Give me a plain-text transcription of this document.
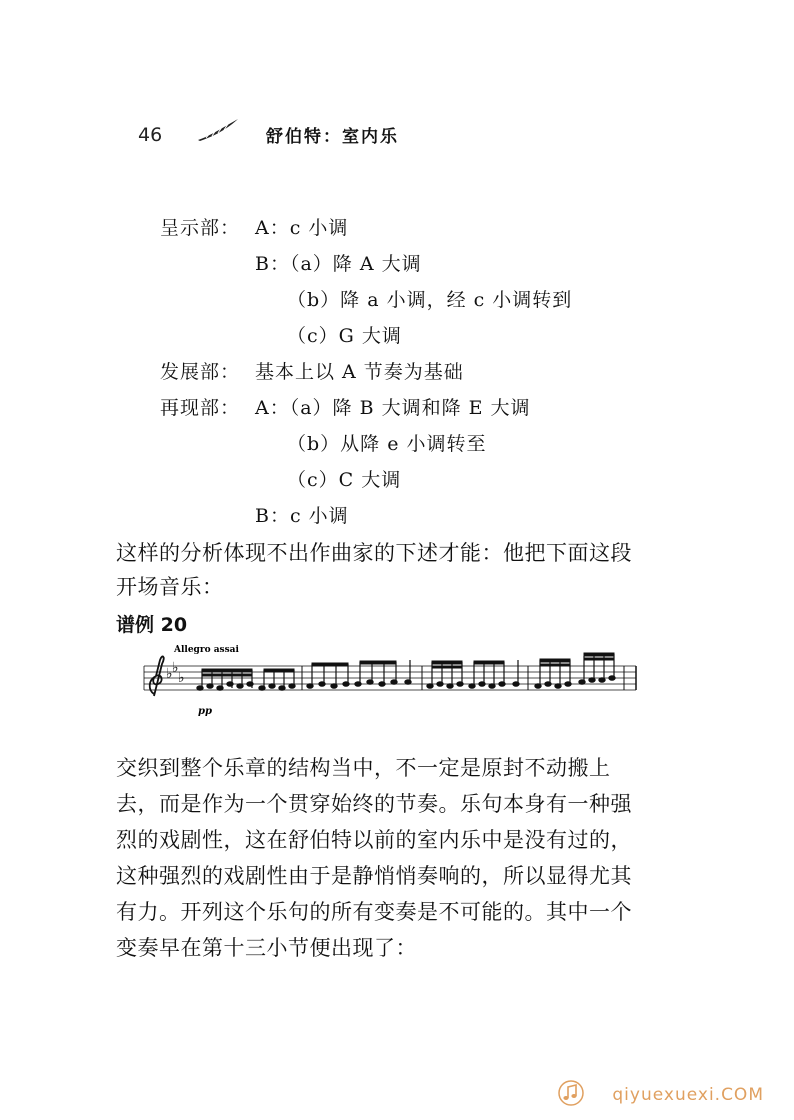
46	舒伯特：室内乐
呈示部： A：c 小调
B：（a）降 A 大调
（b）降 a 小调，经 c 小调转到
（c）G 大调
发展部： 基本上以 A 节奏为基础
再现部： A：（a）降 B 大调和降 E 大调
（b）从降 e 小调转至
（c）C 大调
B：c 小调
这样的分析体现不出作曲家的下述才能：他把下面这段
开场音乐：
谱例 20
Allegro assai
♭ ♭
♭
pp
交织到整个乐章的结构当中，不一定是原封不动搬上
去，而是作为一个贯穿始终的节奏。乐句本身有一种强
烈的戏剧性，这在舒伯特以前的室内乐中是没有过的，
这种强烈的戏剧性由于是静悄悄奏响的，所以显得尤其
有力。开列这个乐句的所有变奏是不可能的。其中一个
变奏早在第十三小节便出现了：
qiyuexuexi.COM
